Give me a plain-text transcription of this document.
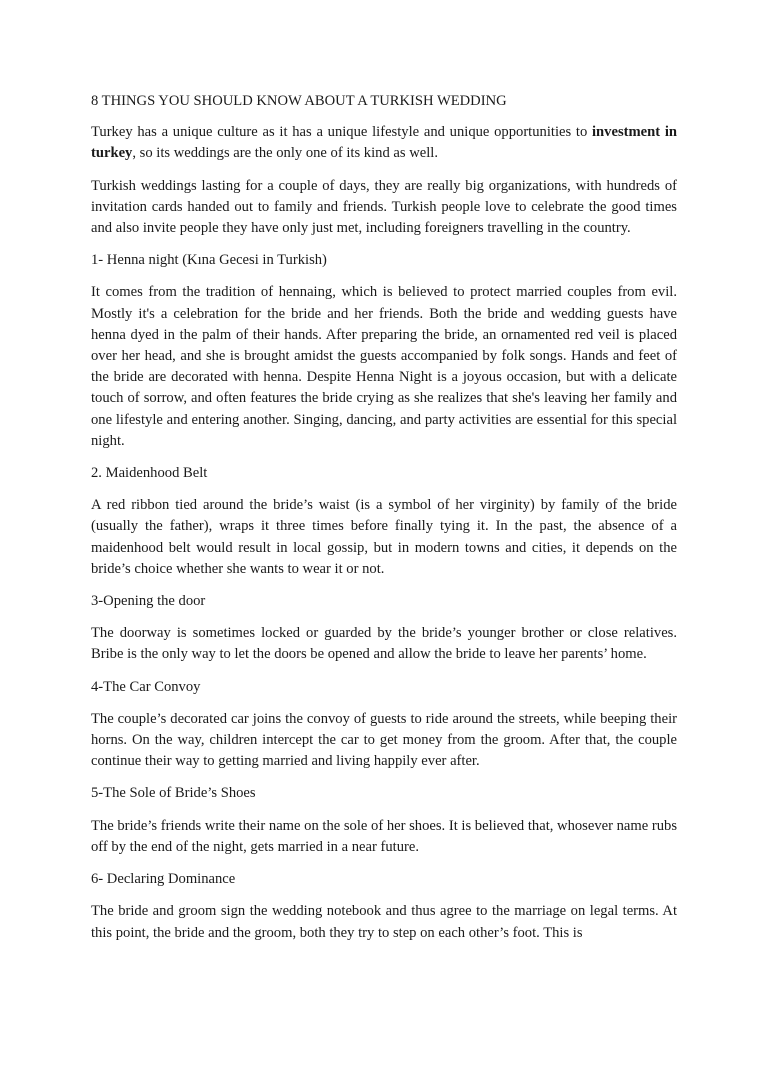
8 THINGS YOU SHOULD KNOW ABOUT A TURKISH WEDDING

Turkey has a unique culture as it has a unique lifestyle and unique opportunities to investment in turkey, so its weddings are the only one of its kind as well.

Turkish weddings lasting for a couple of days, they are really big organizations, with hundreds of invitation cards handed out to family and friends. Turkish people love to celebrate the good times and also invite people they have only just met, including foreigners travelling in the country.

1- Henna night (Kına Gecesi in Turkish)

It comes from the tradition of hennaing, which is believed to protect married couples from evil. Mostly it's a celebration for the bride and her friends. Both the bride and wedding guests have henna dyed in the palm of their hands. After preparing the bride, an ornamented red veil is placed over her head, and she is brought amidst the guests accompanied by folk songs. Hands and feet of the bride are decorated with henna. Despite Henna Night is a joyous occasion, but with a delicate touch of sorrow, and often features the bride crying as she realizes that she's leaving her family and one lifestyle and entering another. Singing, dancing, and party activities are essential for this special night.

2. Maidenhood Belt

A red ribbon tied around the bride’s waist (is a symbol of her virginity) by family of the bride (usually the father), wraps it three times before finally tying it. In the past, the absence of a maidenhood belt would result in local gossip, but in modern towns and cities, it depends on the bride’s choice whether she wants to wear it or not.

3-Opening the door

The doorway is sometimes locked or guarded by the bride’s younger brother or close relatives. Bribe is the only way to let the doors be opened and allow the bride to leave her parents’ home.

4-The Car Convoy

The couple’s decorated car joins the convoy of guests to ride around the streets, while beeping their horns. On the way, children intercept the car to get money from the groom. After that, the couple continue their way to getting married and living happily ever after.

5-The Sole of Bride’s Shoes

The bride’s friends write their name on the sole of her shoes. It is believed that, whosever name rubs off by the end of the night, gets married in a near future.

6- Declaring Dominance

The bride and groom sign the wedding notebook and thus agree to the marriage on legal terms. At this point, the bride and the groom, both they try to step on each other’s foot. This is
